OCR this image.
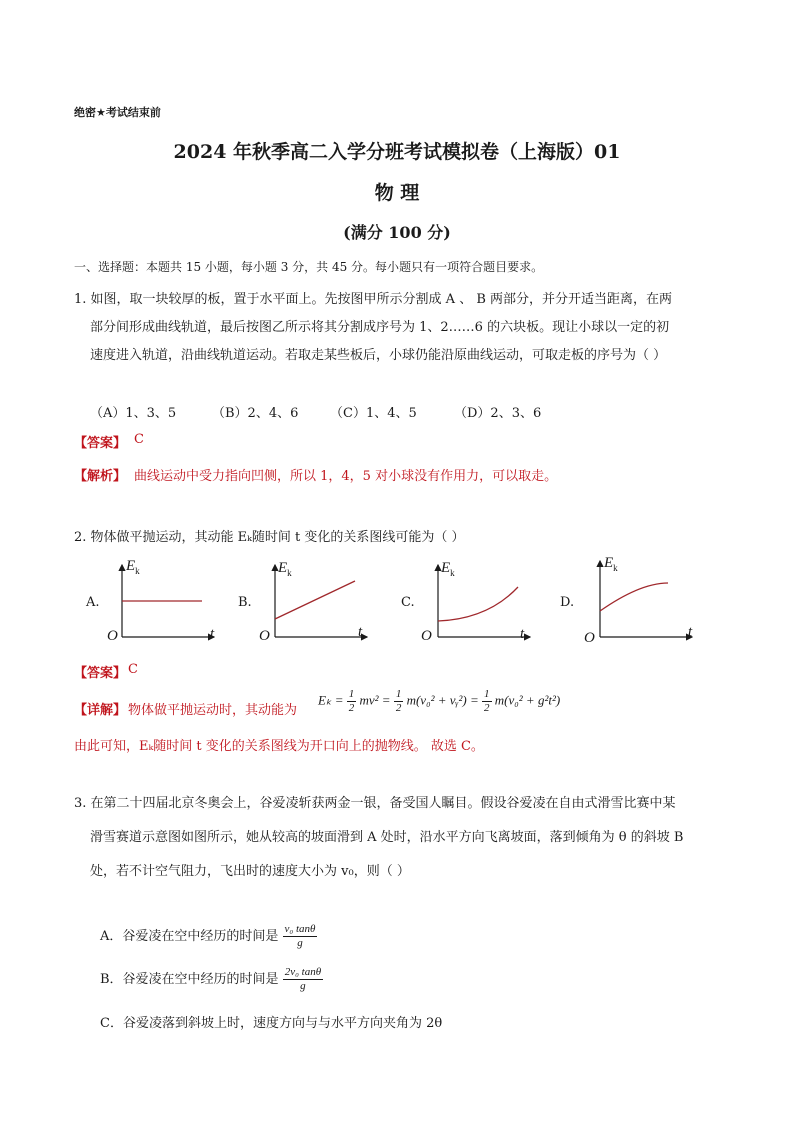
绝密★考试结束前
2024 年秋季高二入学分班考试模拟卷（上海版）01
物 理
(满分 100 分)
一、选择题：本题共 15 小题，每小题 3 分，共 45 分。每小题只有一项符合题目要求。
1. 如图，取一块较厚的板，置于水平面上。先按图甲所示分割成 A 、 B 两部分，并分开适当距离，在两
部分间形成曲线轨道，最后按图乙所示将其分割成序号为 1、2……6 的六块板。现让小球以一定的初
速度进入轨道，沿曲线轨道运动。若取走某些板后，小球仍能沿原曲线运动，可取走板的序号为（ ）
（A）1、3、5	（B）2、4、6 （C）1、4、5	（D）2、3、6
【答案】 C
【解析】 曲线运动中受力指向凹侧，所以 1，4，5 对小球没有作用力，可以取走。
2. 物体做平抛运动，其动能 Eₖ随时间 t 变化的关系图线可能为（ ）
A.
$E_k$
t
O
B.
$E_k$
t
O
C.
$E_k$
t
O
D.
$E_k$
t
O
【答案】 C
【详解】 物体做平抛运动时，其动能为
$E_k = \frac{1}{2} mv^2 = \frac{1}{2} m(v_0^2$ + vᵧ²) = $\frac{1}{2} m(v_0^2 + g^2t^2)$
由此可知，Eₖ随时间 t 变化的关系图线为开口向上的抛物线。 故选 C。
3. 在第二十四届北京冬奥会上，谷爱凌斩获两金一银，备受国人瞩目。假设谷爱凌在自由式滑雪比赛中某
滑雪赛道示意图如图所示，她从较高的坡面滑到 A 处时，沿水平方向飞离坡面，落到倾角为 θ 的斜坡 B
处，若不计空气阻力，飞出时的速度大小为 v₀，则（ ）
A．谷爱凌在空中经历的时间是 $\frac{\text{v₀ tanθ}}{g}$
B．谷爱凌在空中经历的时间是 $\frac{\text{2v₀ tanθ}}{g}$
C．谷爱凌落到斜坡上时，速度方向与与水平方向夹角为 2θ
